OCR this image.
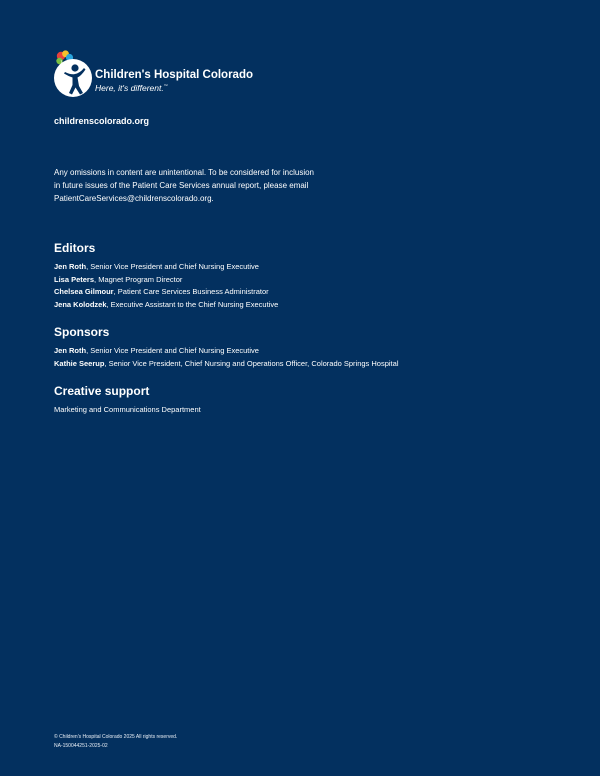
Children's Hospital Colorado
Here, it's different.™
childrenscolorado.org
Any omissions in content are unintentional. To be considered for inclusion
in future issues of the Patient Care Services annual report, please email
PatientCareServices@childrenscolorado.org.
Editors
Jen Roth, Senior Vice President and Chief Nursing Executive
Lisa Peters, Magnet Program Director
Chelsea Gilmour, Patient Care Services Business Administrator
Jena Kolodzek, Executive Assistant to the Chief Nursing Executive
Sponsors
Jen Roth, Senior Vice President and Chief Nursing Executive
Kathie Seerup, Senior Vice President, Chief Nursing and Operations Officer, Colorado Springs Hospital
Creative support
Marketing and Communications Department
© Children's Hospital Colorado 2025 All rights reserved.
NA-150044251-2025-02
